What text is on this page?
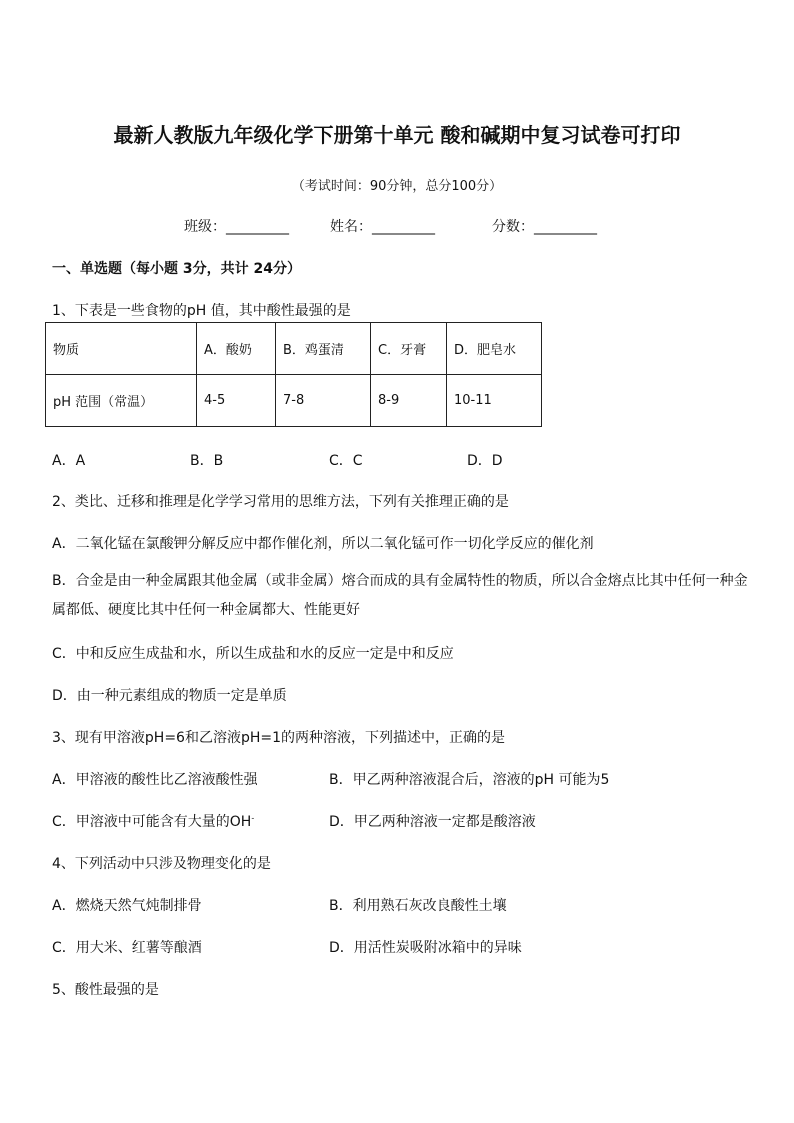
最新人教版九年级化学下册第十单元 酸和碱期中复习试卷可打印
（考试时间：90分钟，总分100分）
班级：_________	姓名：_________	分数：_________
一、单选题（每小题 3分，共计 24分）
1、下表是一些食物的pH 值，其中酸性最强的是
物质	A．酸奶	B．鸡蛋清	C．牙膏	D．肥皂水
pH 范围（常温）	4-5	7-8	8-9	10-11
A．A	B．B	C．C	D．D
2、类比、迁移和推理是化学学习常用的思维方法，下列有关推理正确的是
A．二氧化锰在氯酸钾分解反应中都作催化剂，所以二氧化锰可作一切化学反应的催化剂
B．合金是由一种金属跟其他金属（或非金属）熔合而成的具有金属特性的物质，所以合金熔点比其中任何一种金属都低、硬度比其中任何一种金属都大、性能更好
C．中和反应生成盐和水，所以生成盐和水的反应一定是中和反应
D．由一种元素组成的物质一定是单质
3、现有甲溶液pH=6和乙溶液pH=1的两种溶液，下列描述中，正确的是
A．甲溶液的酸性比乙溶液酸性强	B．甲乙两种溶液混合后，溶液的pH 可能为5
C．甲溶液中可能含有大量的OH-	D．甲乙两种溶液一定都是酸溶液
4、下列活动中只涉及物理变化的是
A．燃烧天然气炖制排骨	B．利用熟石灰改良酸性土壤
C．用大米、红薯等酿酒	D．用活性炭吸附冰箱中的异味
5、酸性最强的是
